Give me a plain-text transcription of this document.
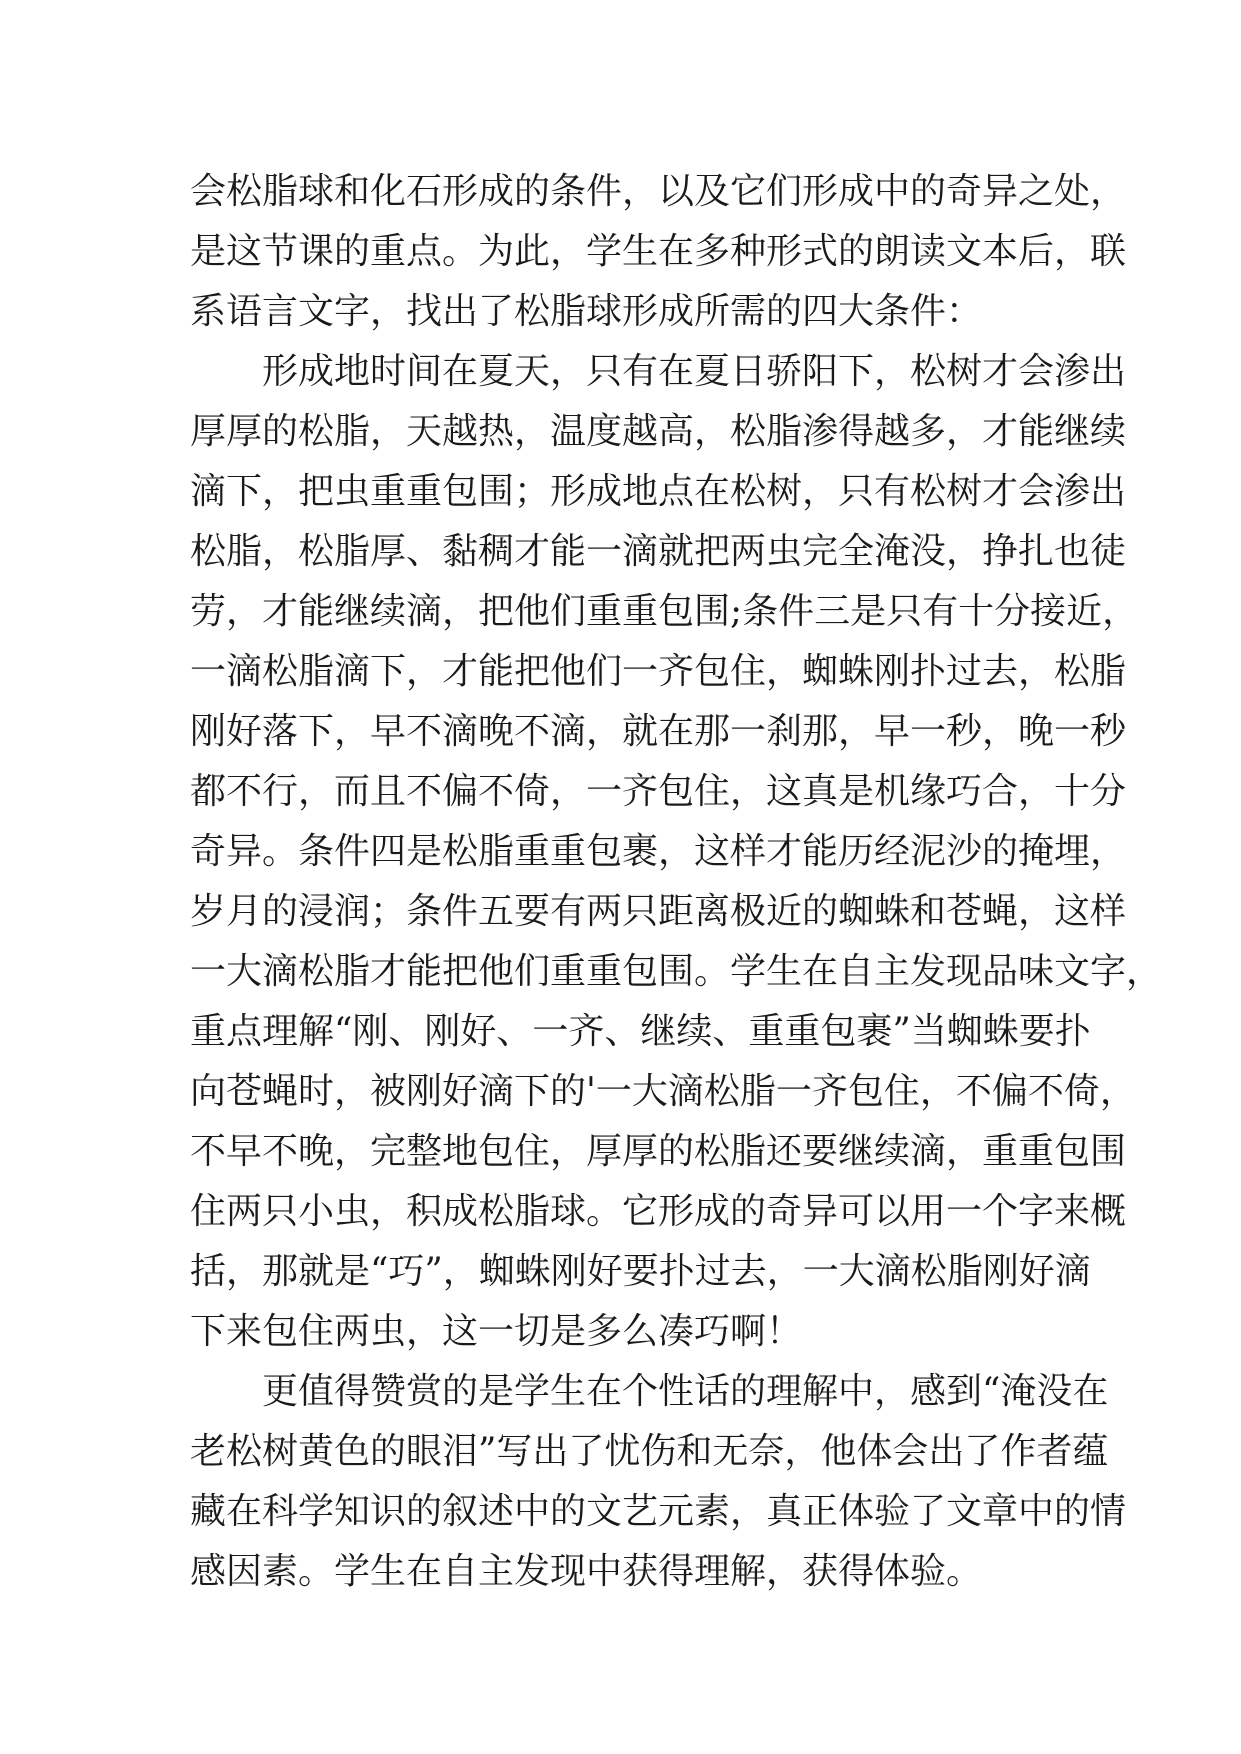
会松脂球和化石形成的条件，以及它们形成中的奇异之处，
是这节课的重点。为此，学生在多种形式的朗读文本后，联
系语言文字，找出了松脂球形成所需的四大条件：
　　形成地时间在夏天，只有在夏日骄阳下，松树才会渗出
厚厚的松脂，天越热，温度越高，松脂渗得越多，才能继续
滴下，把虫重重包围；形成地点在松树，只有松树才会渗出
松脂，松脂厚、黏稠才能一滴就把两虫完全淹没，挣扎也徒
劳，才能继续滴，把他们重重包围;条件三是只有十分接近，
一滴松脂滴下，才能把他们一齐包住，蜘蛛刚扑过去，松脂
刚好落下，早不滴晚不滴，就在那一刹那，早一秒，晚一秒
都不行，而且不偏不倚，一齐包住，这真是机缘巧合，十分
奇异。条件四是松脂重重包裹，这样才能历经泥沙的掩埋，
岁月的浸润；条件五要有两只距离极近的蜘蛛和苍蝇，这样
一大滴松脂才能把他们重重包围。学生在自主发现品味文字，
重点理解“刚、刚好、一齐、继续、重重包裹”当蜘蛛要扑
向苍蝇时，被刚好滴下的'一大滴松脂一齐包住，不偏不倚，
不早不晚，完整地包住，厚厚的松脂还要继续滴，重重包围
住两只小虫，积成松脂球。它形成的奇异可以用一个字来概
括，那就是“巧”，蜘蛛刚好要扑过去，一大滴松脂刚好滴
下来包住两虫，这一切是多么凑巧啊！
　　更值得赞赏的是学生在个性话的理解中，感到“淹没在
老松树黄色的眼泪”写出了忧伤和无奈，他体会出了作者蕴
藏在科学知识的叙述中的文艺元素，真正体验了文章中的情
感因素。学生在自主发现中获得理解，获得体验。
